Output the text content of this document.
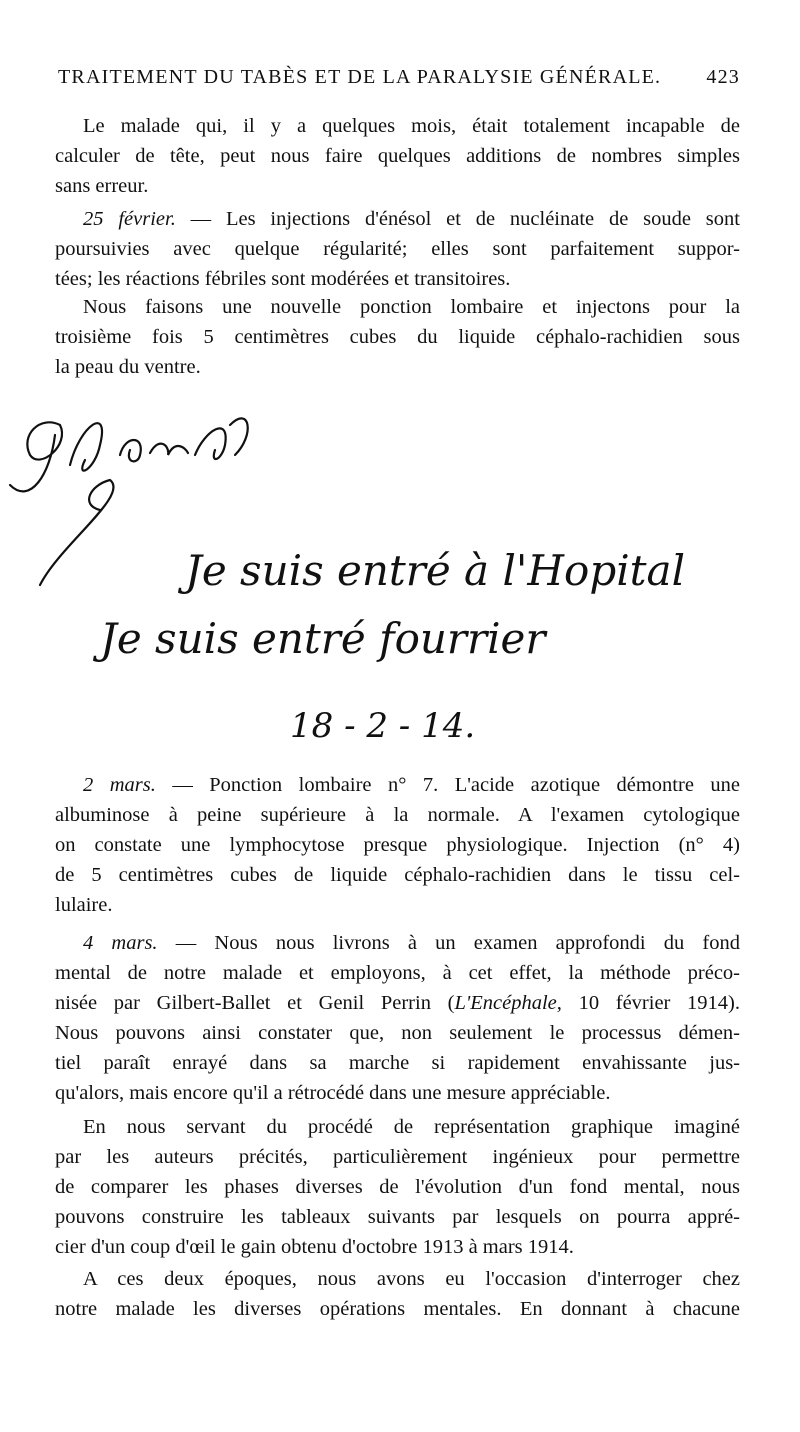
TRAITEMENT DU TABÈS ET DE LA PARALYSIE GÉNÉRALE. 423
Le malade qui, il y a quelques mois, était totalement incapable de
calculer de tête, peut nous faire quelques additions de nombres simples
sans erreur.
25 février. — Les injections d'énésol et de nucléinate de soude sont
poursuivies avec quelque régularité; elles sont parfaitement suppor-
tées; les réactions fébriles sont modérées et transitoires.
Nous faisons une nouvelle ponction lombaire et injectons pour la
troisième fois 5 centimètres cubes du liquide céphalo-rachidien sous
la peau du ventre.
J Glaroff
Je suis entré à l'Hopital
Je suis entré fourrier
18 - 2 - 14.
2 mars. — Ponction lombaire n° 7. L'acide azotique démontre une
albuminose à peine supérieure à la normale. A l'examen cytologique
on constate une lymphocytose presque physiologique. Injection (n° 4)
de 5 centimètres cubes de liquide céphalo-rachidien dans le tissu cel-
lulaire.
4 mars. — Nous nous livrons à un examen approfondi du fond
mental de notre malade et employons, à cet effet, la méthode préco-
nisée par Gilbert-Ballet et Genil Perrin (L'Encéphale, 10 février 1914).
Nous pouvons ainsi constater que, non seulement le processus démen-
tiel paraît enrayé dans sa marche si rapidement envahissante jus-
qu'alors, mais encore qu'il a rétrocédé dans une mesure appréciable.
En nous servant du procédé de représentation graphique imaginé
par les auteurs précités, particulièrement ingénieux pour permettre
de comparer les phases diverses de l'évolution d'un fond mental, nous
pouvons construire les tableaux suivants par lesquels on pourra appré-
cier d'un coup d'œil le gain obtenu d'octobre 1913 à mars 1914.
A ces deux époques, nous avons eu l'occasion d'interroger chez
notre malade les diverses opérations mentales. En donnant à chacune
